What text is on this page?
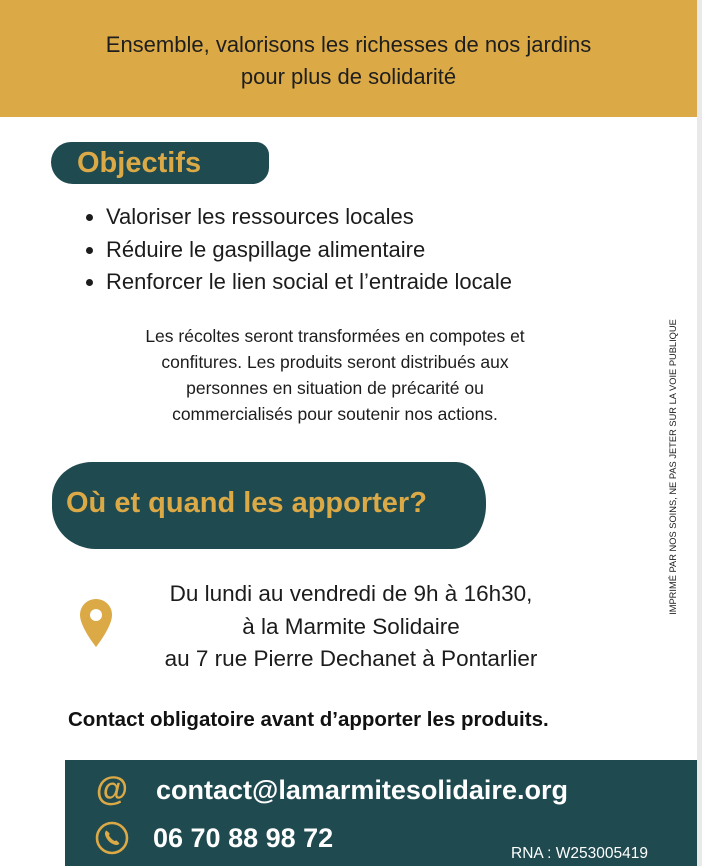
Ensemble, valorisons les richesses de nos jardins
pour plus de solidarité
Objectifs
• Valoriser les ressources locales
• Réduire le gaspillage alimentaire
• Renforcer le lien social et l’entraide locale
Les récoltes seront transformées en compotes et
confitures. Les produits seront distribués aux
personnes en situation de précarité ou
commercialisés pour soutenir nos actions.
Où et quand les apporter?
Du lundi au vendredi de 9h à 16h30,
à la Marmite Solidaire
au 7 rue Pierre Dechanet à Pontarlier
Contact obligatoire avant d’apporter les produits.
@ contact@lamarmitesolidaire.org
06 70 88 98 72
RNA : W253005419
IMPRIMÉ PAR NOS SOINS, NE PAS JETER SUR LA VOIE PUBLIQUE
